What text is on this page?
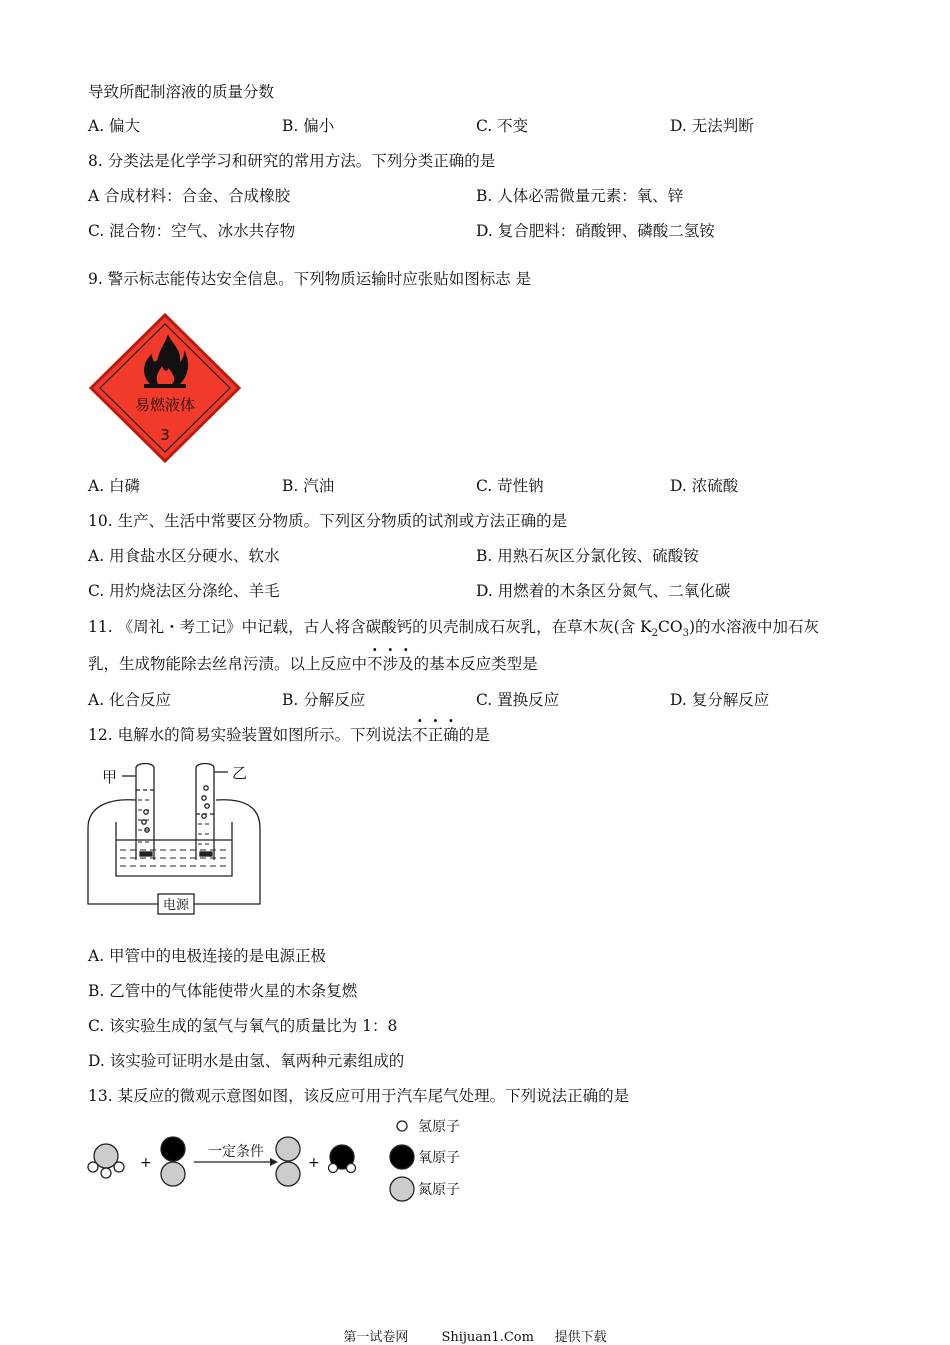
导致所配制溶液的质量分数
A. 偏大	B. 偏小	C. 不变	D. 无法判断
8. 分类法是化学学习和研究的常用方法。下列分类正确的是
A 合成材料：合金、合成橡胶	B. 人体必需微量元素：氧、锌
C. 混合物：空气、冰水共存物	D. 复合肥料：硝酸钾、磷酸二氢铵
9. 警示标志能传达安全信息。下列物质运输时应张贴如图标志 是
易燃液体
3
A. 白磷	B. 汽油	C. 苛性钠	D. 浓硫酸
10. 生产、生活中常要区分物质。下列区分物质的试剂或方法正确的是
A. 用食盐水区分硬水、软水	B. 用熟石灰区分氯化铵、硫酸铵
C. 用灼烧法区分涤纶、羊毛	D. 用燃着的木条区分氮气、二氧化碳
11. 《周礼・考工记》中记载，古人将含碳酸钙的贝壳制成石灰乳，在草木灰(含 $K_2CO_3$)的水溶液中加石灰
乳，生成物能除去丝帛污渍。以上反应中不涉及的基本反应类型是
A. 化合反应	B. 分解反应	C. 置换反应	D. 复分解反应
12. 电解水的简易实验装置如图所示。下列说法不正确的是
甲	乙
电源
A. 甲管中的电极连接的是电源正极
B. 乙管中的气体能使带火星的木条复燃
C. 该实验生成的氢气与氧气的质量比为 1：8
D. 该实验可证明水是由氢、氧两种元素组成的
13. 某反应的微观示意图如图，该反应可用于汽车尾气处理。下列说法正确的是
+
一定条件
+
氢原子
氧原子
氮原子
第一试卷网        Shijuan1.Com     提供下载
